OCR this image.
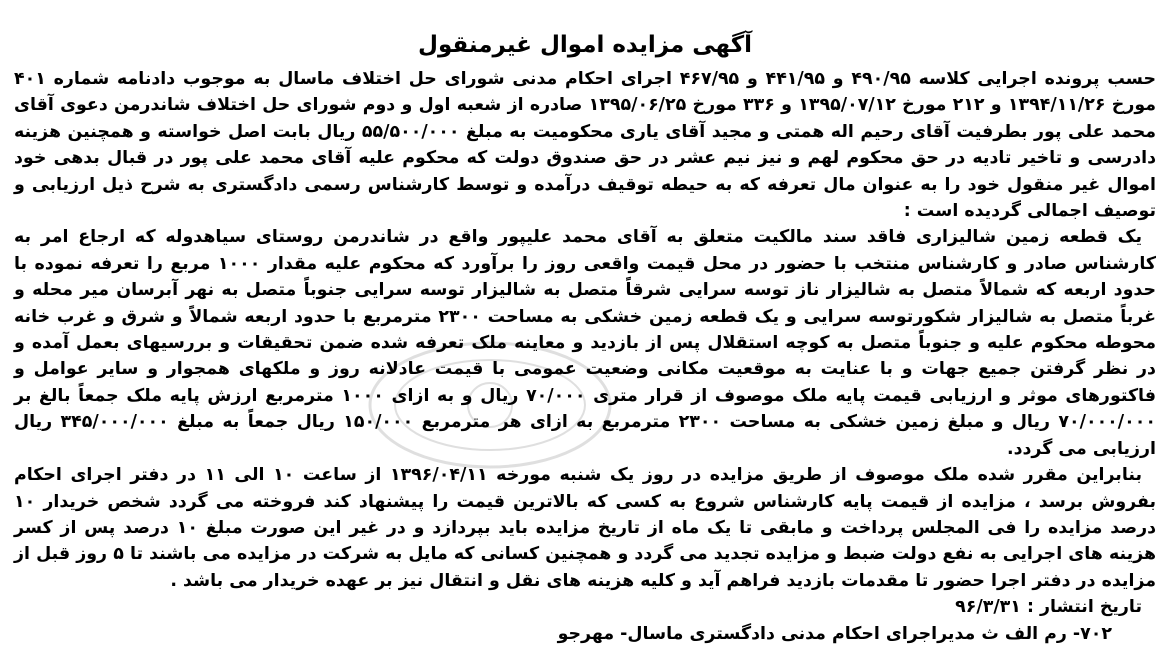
آگهی مزایده اموال غیرمنقول

حسب پرونده اجرایی کلاسه ۴۹۰/۹۵ و ۴۴۱/۹۵ و ۴۶۷/۹۵ اجرای احکام مدنی شورای حل اختلاف ماسال به موجوب دادنامه شماره ۴۰۱ مورخ ۱۳۹۴/۱۱/۲۶ و ۲۱۲ مورخ ۱۳۹۵/۰۷/۱۲ و ۳۳۶ مورخ ۱۳۹۵/۰۶/۲۵ صادره از شعبه اول و دوم شورای حل اختلاف شاندرمن دعوی آقای محمد علی پور بطرفیت آقای رحیم اله همتی و مجید آقای یاری محکومیت به مبلغ ۵۵/۵۰۰/۰۰۰ ریال بابت اصل خواسته و همچنین هزینه دادرسی و تاخیر تادیه در حق محکوم لهم و نیز نیم عشر در حق صندوق دولت که محکوم علیه آقای محمد علی پور در قبال بدهی خود اموال غیر منقول خود را به عنوان مال تعرفه که به حیطه توقیف درآمده و توسط کارشناس رسمی دادگستری به شرح ذیل ارزیابی و توصیف اجمالی گردیده است :

یک قطعه زمین شالیزاری فاقد سند مالکیت متعلق به آقای محمد علیپور واقع در شاندرمن روستای سیاهدوله که ارجاع امر به کارشناس صادر و کارشناس منتخب با حضور در محل قیمت واقعی روز را برآورد که محکوم علیه مقدار ۱۰۰۰ مربع را تعرفه نموده با حدود اربعه که شمالاً متصل به شالیزار ناز توسه سرایی شرقاً متصل به شالیزار توسه سرایی جنوباً متصل به نهر آبرسان میر محله و غرباً متصل به شالیزار شکورتوسه سرایی و یک قطعه زمین خشکی به مساحت ۲۳۰۰ مترمربع با حدود اربعه شمالاً و شرق و غرب خانه محوطه محکوم علیه و جنوباً متصل به کوچه استقلال پس از بازدید و معاینه ملک تعرفه شده ضمن تحقیقات و بررسیهای بعمل آمده و در نظر گرفتن جمیع جهات و با عنایت به موقعیت مکانی وضعیت عمومی با قیمت عادلانه روز و ملکهای همجوار و سایر عوامل و فاکتورهای موثر و ارزیابی قیمت پایه ملک موصوف از قرار متری ۷۰/۰۰۰ ریال و به ازای ۱۰۰۰ مترمربع ارزش پایه ملک جمعاً بالغ بر ۷۰/۰۰۰/۰۰۰ ریال و مبلغ زمین خشکی به مساحت ۲۳۰۰ مترمربع به ازای هر مترمربع ۱۵۰/۰۰۰ ریال جمعاً به مبلغ ۳۴۵/۰۰۰/۰۰۰ ریال ارزیابی می گردد.

بنابراین مقرر شده ملک موصوف از طریق مزایده در روز یک شنبه مورخه ۱۳۹۶/۰۴/۱۱ از ساعت ۱۰ الی ۱۱ در دفتر اجرای احکام بفروش برسد ، مزایده از قیمت پایه کارشناس شروع به کسی که بالاترین قیمت را پیشنهاد کند فروخته می گردد شخص خریدار ۱۰ درصد مزایده را فی المجلس پرداخت و مابقی تا یک ماه از تاریخ مزایده باید بپردازد و در غیر این صورت مبلغ ۱۰ درصد پس از کسر هزینه های اجرایی به نفع دولت ضبط و مزایده تجدید می گردد و همچنین کسانی که مایل به شرکت در مزایده می باشند تا ۵ روز قبل از مزایده در دفتر اجرا حضور تا مقدمات بازدید فراهم آید و کلیه هزینه های نقل و انتقال نیز بر عهده خریدار می باشد .

تاریخ انتشار : ۹۶/۳/۳۱
۷۰۲- رم الف ث مدیراجرای احکام مدنی دادگستری ماسال- مهرجو
